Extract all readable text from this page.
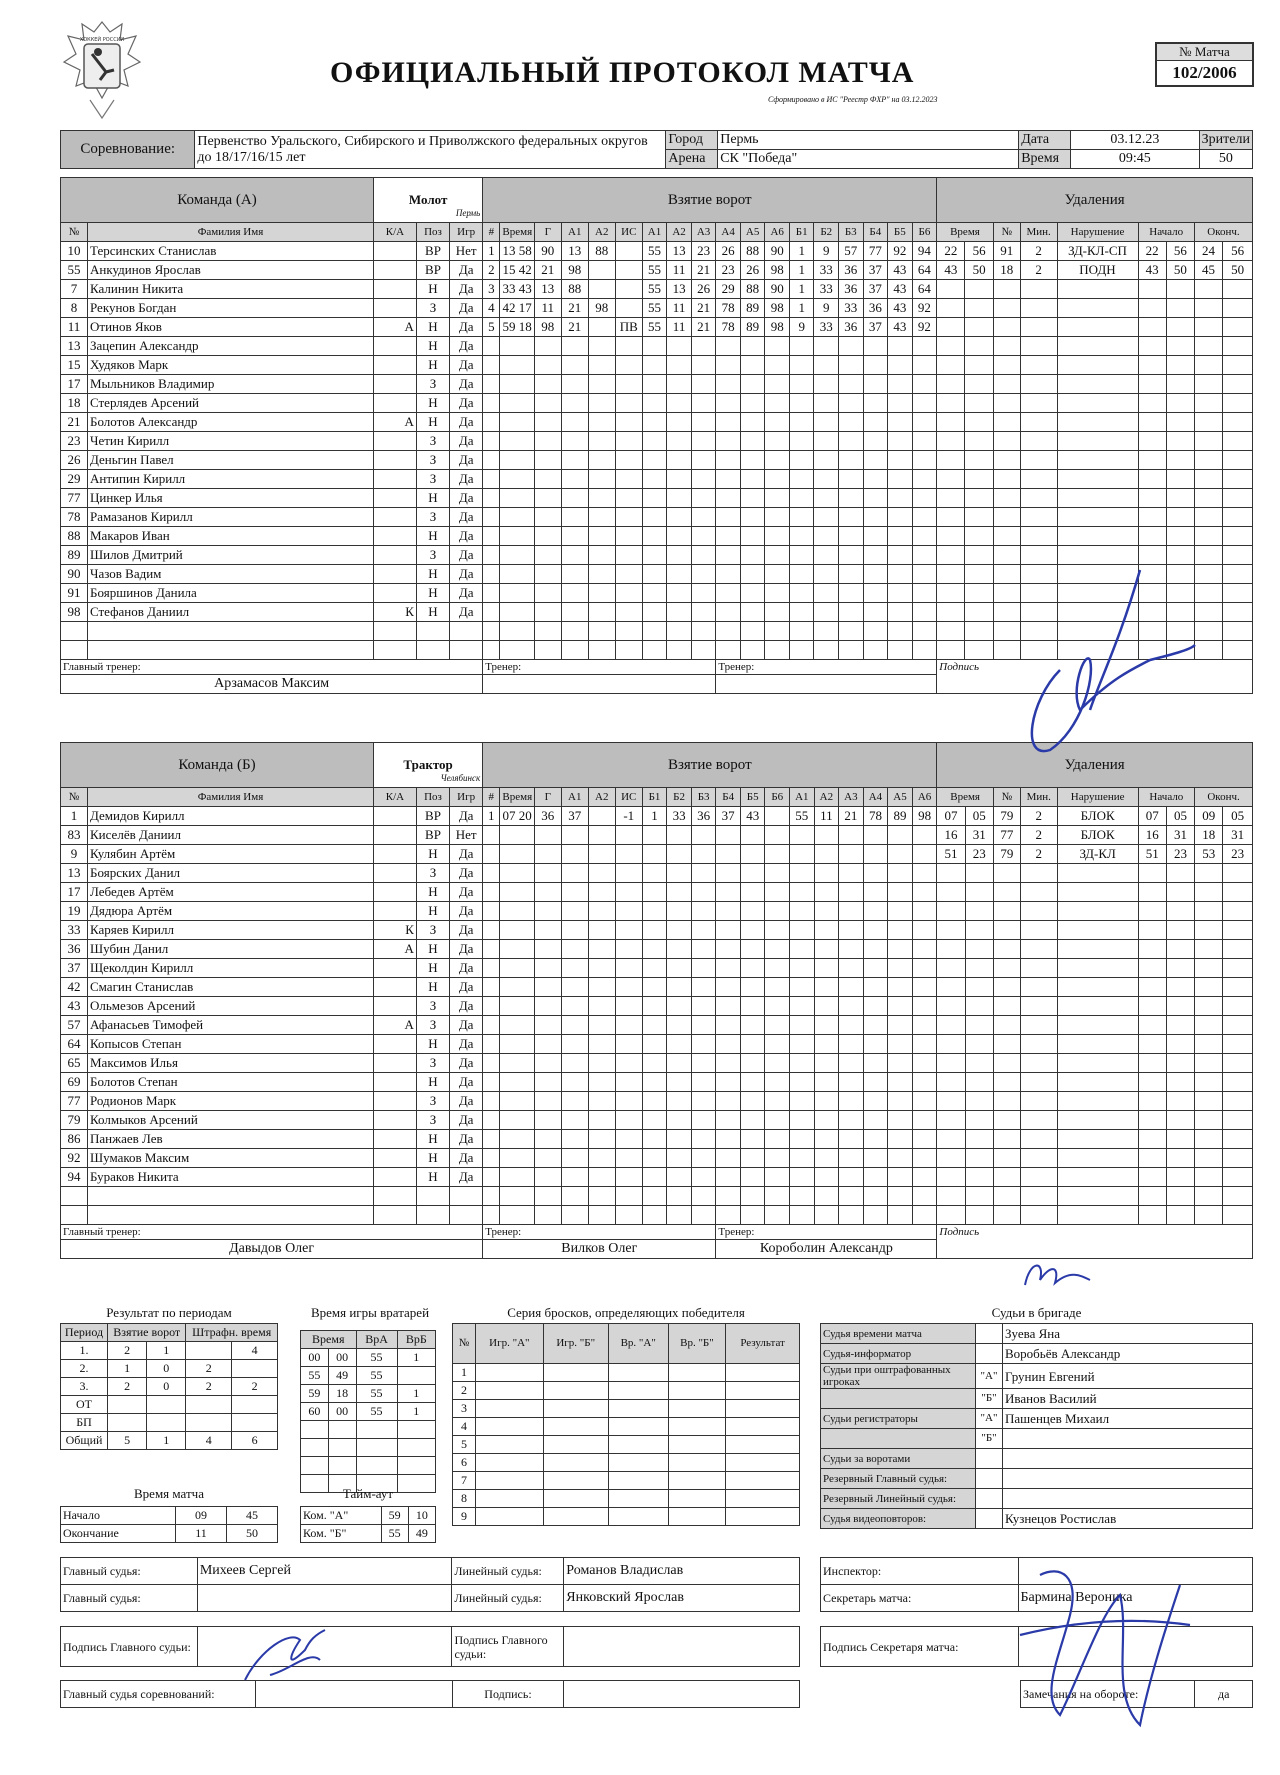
ХОККЕЙ РОССИИ
ОФИЦИАЛЬНЫЙ ПРОТОКОЛ МАТЧА
Сформировано в ИС "Реестр ФХР" на 03.12.2023
№ Матча
102/2006
Соревнование:	Первенство Уральского, Сибирского и Приволжского федеральных округов до 18/17/16/15 лет	Город	Пермь	Дата	03.12.23	Зрители
		Арена	СК "Победа"	Время	09:45	50
Команда (А)		Молот
Пермь			Взятие ворот																		Удаления								
№	Фамилия Имя	К/А	Поз	Игр	#	Время	Г	А1	А2	ИС	А1	А2	А3	А4	А5	А6	Б1	Б2	Б3	Б4	Б5	Б6	Время		№	Мин.	Нарушение	Начало		Оконч.	
10	Терсинских Станислав		ВР	Нет	1	13 58	90	13	88		55	13	23	26	88	90	1	9	57	77	92	94	22	56	91	2	ЗД-КЛ-СП	22	56	24	56
55	Анкудинов Ярослав		ВР	Да	2	15 42	21	98			55	11	21	23	26	98	1	33	36	37	43	64	43	50	18	2	ПОДН	43	50	45	50
7	Калинин Никита		Н	Да	3	33 43	13	88			55	13	26	29	88	90	1	33	36	37	43	64									
8	Рекунов Богдан		З	Да	4	42 17	11	21	98		55	11	21	78	89	98	1	9	33	36	43	92									
11	Отинов Яков	А	Н	Да	5	59 18	98	21		ПВ	55	11	21	78	89	98	9	33	36	37	43	92									
13	Зацепин Александр		Н	Да																											
15	Худяков Марк		Н	Да																											
17	Мыльников Владимир		З	Да																											
18	Стерлядев Арсений		Н	Да																											
21	Болотов Александр	А	Н	Да																											
23	Четин Кирилл		З	Да																											
26	Деньгин Павел		З	Да																											
29	Антипин Кирилл		З	Да																											
77	Цинкер Илья		Н	Да																											
78	Рамазанов Кирилл		З	Да																											
88	Макаров Иван		Н	Да																											
89	Шилов Дмитрий		З	Да																											
90	Чазов Вадим		Н	Да																											
91	Бояршинов Данила		Н	Да																											
98	Стефанов Даниил	К	Н	Да																											

Главный тренер:					Тренер:									Тренер:									Подпись								
Арзамасов Максим																															
Команда (Б)		Трактор
Челябинск			Взятие ворот																		Удаления								
№	Фамилия Имя	К/А	Поз	Игр	#	Время	Г	А1	А2	ИС	Б1	Б2	Б3	Б4	Б5	Б6	А1	А2	А3	А4	А5	А6	Время		№	Мин.	Нарушение	Начало		Оконч.	
1	Демидов Кирилл		ВР	Да	1	07 20	36	37		-1	1	33	36	37	43		55	11	21	78	89	98	07	05	79	2	БЛОК	07	05	09	05
83	Киселёв Даниил		ВР	Нет																			16	31	77	2	БЛОК	16	31	18	31
9	Кулябин Артём		Н	Да																			51	23	79	2	ЗД-КЛ	51	23	53	23
13	Боярских Данил		З	Да																											
17	Лебедев Артём		Н	Да																											
19	Дядюра Артём		Н	Да																											
33	Каряев Кирилл	К	З	Да																											
36	Шубин Данил	А	Н	Да																											
37	Щеколдин Кирилл		Н	Да																											
42	Смагин Станислав		Н	Да																											
43	Ольмезов Арсений		З	Да																											
57	Афанасьев Тимофей	А	З	Да																											
64	Копысов Степан		Н	Да																											
65	Максимов Илья		З	Да																											
69	Болотов Степан		Н	Да																											
77	Родионов Марк		З	Да																											
79	Колмыков Арсений		З	Да																											
86	Панжаев Лев		Н	Да																											
92	Шумаков Максим		Н	Да																											
94	Бураков Никита		Н	Да																											

Главный тренер:					Тренер:									Тренер:									Подпись								
Давыдов Олег					Вилков Олег									Короболин Александр																	
Результат по периодам
Период	Взятие ворот		Штрафн. время	
1.	2	1		4
2.	1	0	2	
3.	2	0	2	2
ОТ				
БП				
Общий	5	1	4	6
Время игры вратарей
Время		ВрА	ВрБ
00	00	55	1
55	49	55	
59	18	55	1
60	00	55	1

Время матча
Начало	09	45
Окончание	11	50
Тайм-аут
Ком. "А"	59	10
Ком. "Б"	55	49
Серия бросков, определяющих победителя
№	Игр. "А"	Игр. "Б"	Вр. "А"	Вр. "Б"	Результат
1					
2					
3					
4					
5					
6					
7					
8					
9					
Судьи в бригаде
Судья времени матча		Зуева Яна
Судья-информатор		Воробьёв Александр
Судьи при оштрафованных игроках	"А"	Грунин Евгений
	"Б"	Иванов Василий
Судьи регистраторы	"А"	Пашенцев Михаил
	"Б"	
Судьи за воротами		
Резервный Главный судья:		
Резервный Линейный судья:		
Судья видеоповторов:		Кузнецов Ростислав
Главный судья:	Михеев Сергей	Линейный судья:	Романов Владислав
Главный судья:		Линейный судья:	Янковский Ярослав
Инспектор:	
Секретарь матча:	Бармина Вероника
Подпись Главного судьи:		Подпись Главного судьи:		Подпись Секретаря матча:	
Главный судья соревнований:		Подпись:		Замечания на обороте:	да
